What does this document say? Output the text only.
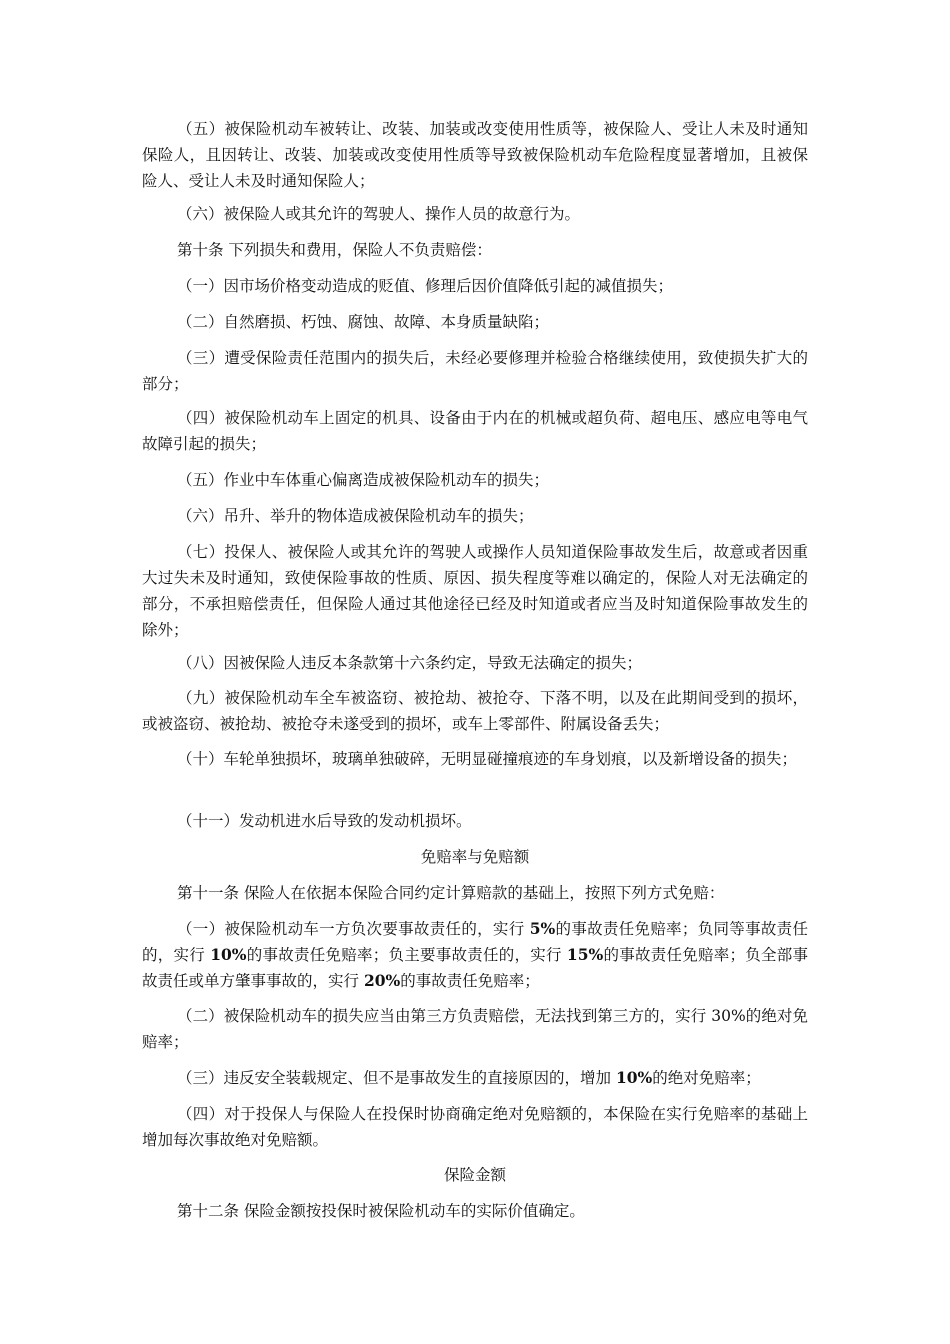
（五）被保险机动车被转让、改装、加装或改变使用性质等，被保险人、受让人未及时通知保险人，且因转让、改装、加装或改变使用性质等导致被保险机动车危险程度显著增加，且被保险人、受让人未及时通知保险人；

（六）被保险人或其允许的驾驶人、操作人员的故意行为。

第十条 下列损失和费用，保险人不负责赔偿：

（一）因市场价格变动造成的贬值、修理后因价值降低引起的减值损失；

（二）自然磨损、朽蚀、腐蚀、故障、本身质量缺陷；

（三）遭受保险责任范围内的损失后，未经必要修理并检验合格继续使用，致使损失扩大的部分；

（四）被保险机动车上固定的机具、设备由于内在的机械或超负荷、超电压、感应电等电气故障引起的损失；

（五）作业中车体重心偏离造成被保险机动车的损失；

（六）吊升、举升的物体造成被保险机动车的损失；

（七）投保人、被保险人或其允许的驾驶人或操作人员知道保险事故发生后，故意或者因重大过失未及时通知，致使保险事故的性质、原因、损失程度等难以确定的，保险人对无法确定的部分，不承担赔偿责任，但保险人通过其他途径已经及时知道或者应当及时知道保险事故发生的除外；

（八）因被保险人违反本条款第十六条约定，导致无法确定的损失；

（九）被保险机动车全车被盗窃、被抢劫、被抢夺、下落不明，以及在此期间受到的损坏，或被盗窃、被抢劫、被抢夺未遂受到的损坏，或车上零部件、附属设备丢失；

（十）车轮单独损坏，玻璃单独破碎，无明显碰撞痕迹的车身划痕，以及新增设备的损失；

（十一）发动机进水后导致的发动机损坏。

免赔率与免赔额

第十一条 保险人在依据本保险合同约定计算赔款的基础上，按照下列方式免赔：

（一）被保险机动车一方负次要事故责任的，实行 5%的事故责任免赔率；负同等事故责任的，实行 10%的事故责任免赔率；负主要事故责任的，实行 15%的事故责任免赔率；负全部事故责任或单方肇事事故的，实行 20%的事故责任免赔率；

（二）被保险机动车的损失应当由第三方负责赔偿，无法找到第三方的，实行 30%的绝对免赔率；

（三）违反安全装载规定、但不是事故发生的直接原因的，增加 10%的绝对免赔率；

（四）对于投保人与保险人在投保时协商确定绝对免赔额的，本保险在实行免赔率的基础上增加每次事故绝对免赔额。

保险金额

第十二条 保险金额按投保时被保险机动车的实际价值确定。
